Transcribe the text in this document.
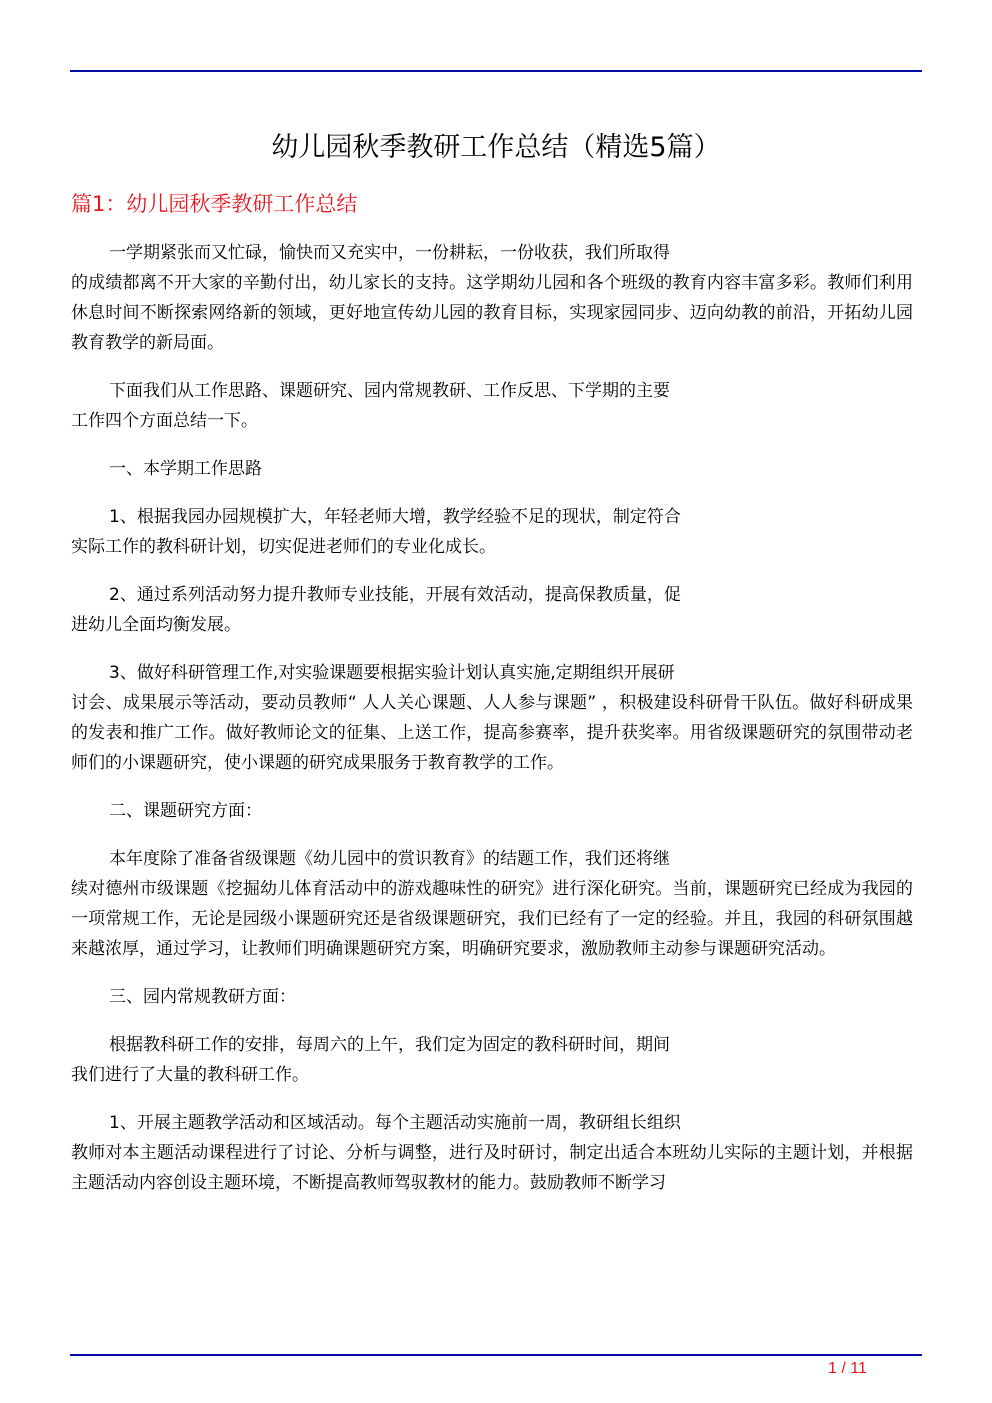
幼儿园秋季教研工作总结（精选5篇）
篇1：幼儿园秋季教研工作总结
一学期紧张而又忙碌，愉快而又充实中，一份耕耘，一份收获，我们所取得
的成绩都离不开大家的辛勤付出，幼儿家长的支持。这学期幼儿园和各个班级的教育内容丰富多彩。教师们利用休息时间不断探索网络新的领域，更好地宣传幼儿园的教育目标，实现家园同步、迈向幼教的前沿，开拓幼儿园教育教学的新局面。
下面我们从工作思路、课题研究、园内常规教研、工作反思、下学期的主要
工作四个方面总结一下。
一、本学期工作思路
1、根据我园办园规模扩大，年轻老师大增，教学经验不足的现状，制定符合
实际工作的教科研计划，切实促进老师们的专业化成长。
2、通过系列活动努力提升教师专业技能，开展有效活动，提高保教质量，促
进幼儿全面均衡发展。
3、做好科研管理工作,对实验课题要根据实验计划认真实施,定期组织开展研
讨会、成果展示等活动，要动员教师“ 人人关心课题、人人参与课题” ，积极建设科研骨干队伍。做好科研成果的发表和推广工作。做好教师论文的征集、上送工作，提高参赛率，提升获奖率。用省级课题研究的氛围带动老师们的小课题研究，使小课题的研究成果服务于教育教学的工作。
二、课题研究方面：
本年度除了准备省级课题《幼儿园中的赏识教育》的结题工作，我们还将继
续对德州市级课题《挖掘幼儿体育活动中的游戏趣味性的研究》进行深化研究。当前，课题研究已经成为我园的一项常规工作，无论是园级小课题研究还是省级课题研究，我们已经有了一定的经验。并且，我园的科研氛围越来越浓厚，通过学习，让教师们明确课题研究方案，明确研究要求，激励教师主动参与课题研究活动。
三、园内常规教研方面：
根据教科研工作的安排，每周六的上午，我们定为固定的教科研时间，期间
我们进行了大量的教科研工作。
1、开展主题教学活动和区域活动。每个主题活动实施前一周，教研组长组织
教师对本主题活动课程进行了讨论、分析与调整，进行及时研讨，制定出适合本班幼儿实际的主题计划，并根据主题活动内容创设主题环境，不断提高教师驾驭教材的能力。鼓励教师不断学习
1 / 11
